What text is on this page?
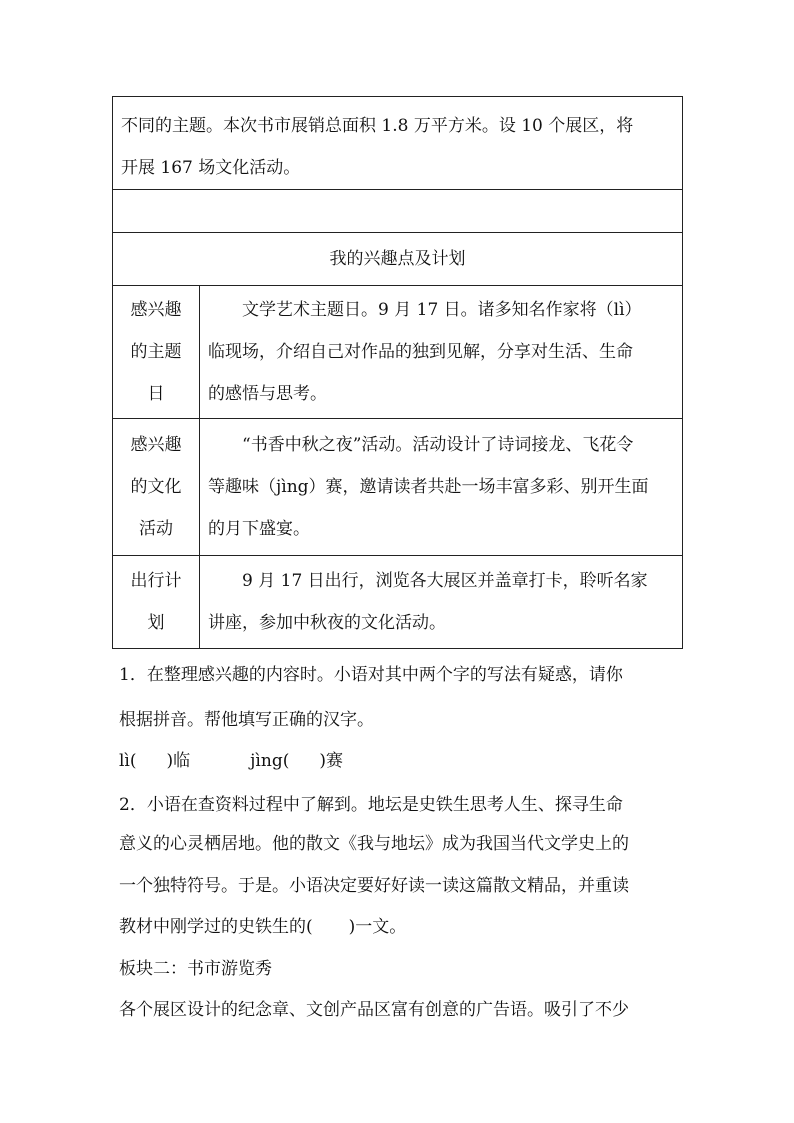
不同的主题。本次书市展销总面积 1.8 万平方米。设 10 个展区，将
开展 167 场文化活动。	

我的兴趣点及计划	

感兴趣
的主题
日	文学艺术主题日。9 月 17 日。诸多知名作家将（lì）
临现场，介绍自己对作品的独到见解，分享对生活、生命
的感悟与思考。

感兴趣
的文化
活动	“书香中秋之夜”活动。活动设计了诗词接龙、飞花令
等趣味（jìng）赛，邀请读者共赴一场丰富多彩、别开生面
的月下盛宴。

出行计
划	9 月 17 日出行，浏览各大展区并盖章打卡，聆听名家
讲座，参加中秋夜的文化活动。
1．在整理感兴趣的内容时。小语对其中两个字的写法有疑惑，请你
根据拼音。帮他填写正确的汉字。
lì( )临	jìng( )赛
2．小语在查资料过程中了解到。地坛是史铁生思考人生、探寻生命
意义的心灵栖居地。他的散文《我与地坛》成为我国当代文学史上的
一个独特符号。于是。小语决定要好好读一读这篇散文精品，并重读
教材中刚学过的史铁生的( )一文。
板块二：书市游览秀
各个展区设计的纪念章、文创产品区富有创意的广告语。吸引了不少
